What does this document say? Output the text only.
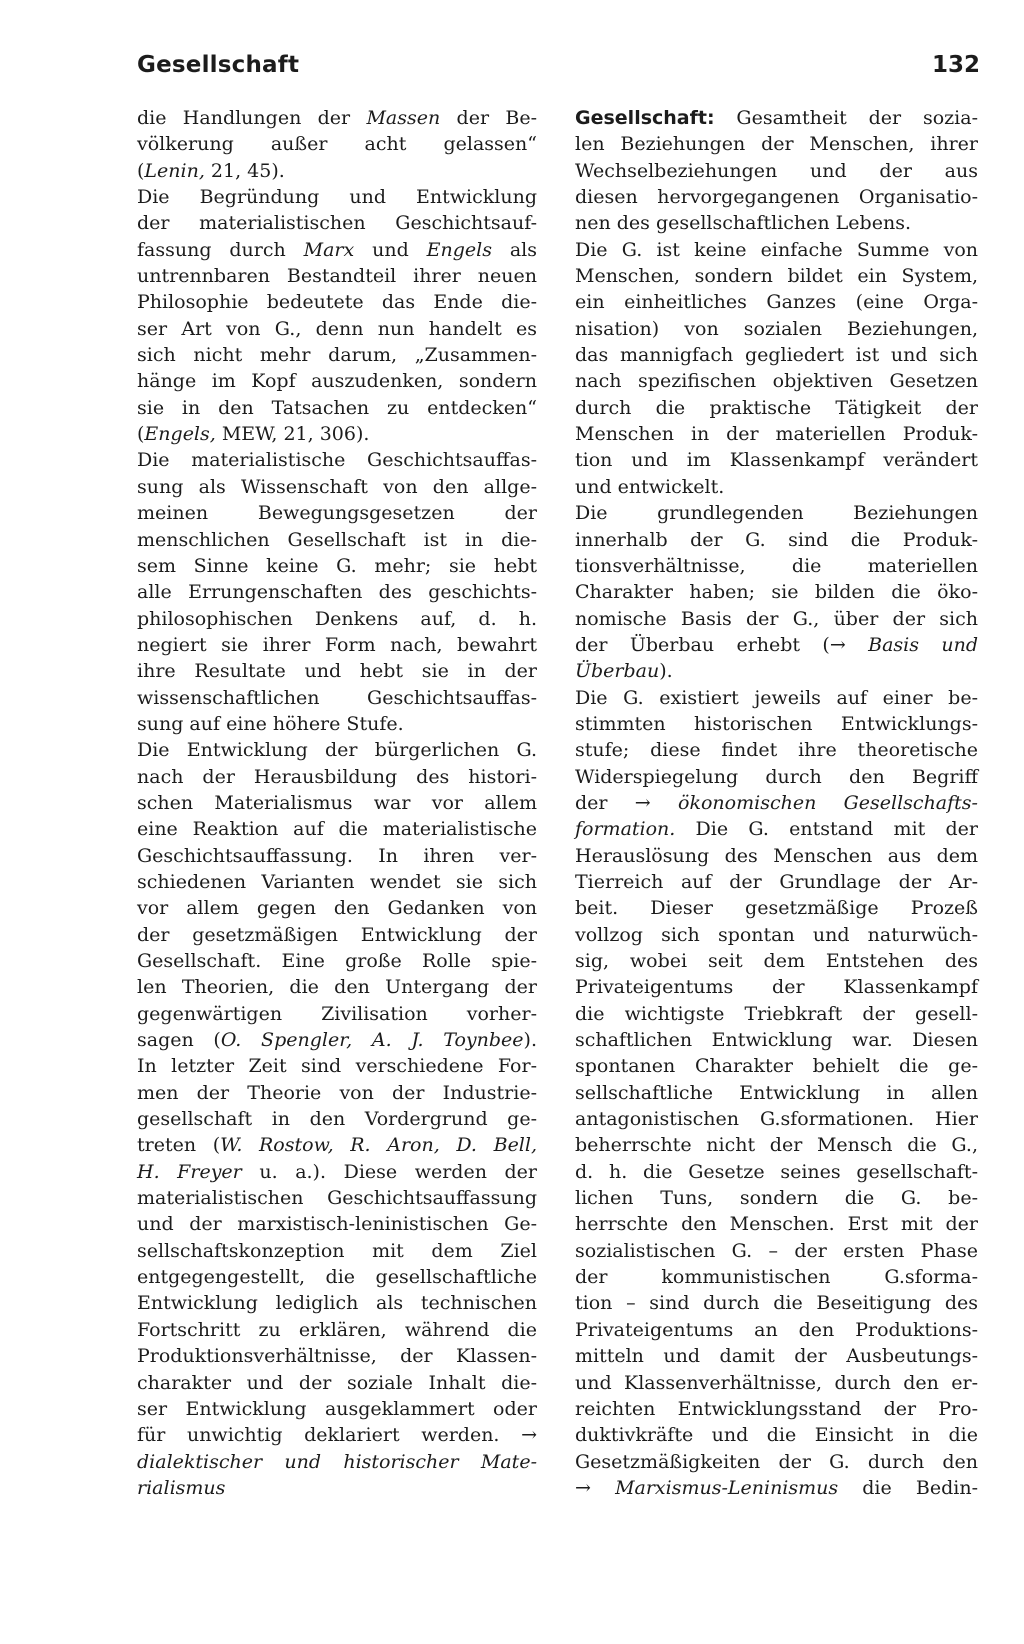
Gesellschaft	132
die Handlungen der Massen der Be-
völkerung außer acht gelassen“
(Lenin, 21, 45).
Die Begründung und Entwicklung
der materialistischen Geschichtsauf-
fassung durch Marx und Engels als
untrennbaren Bestandteil ihrer neuen
Philosophie bedeutete das Ende die-
ser Art von G., denn nun handelt es
sich nicht mehr darum, „Zusammen-
hänge im Kopf auszudenken, sondern
sie in den Tatsachen zu entdecken“
(Engels, MEW, 21, 306).
Die materialistische Geschichtsauffas-
sung als Wissenschaft von den allge-
meinen Bewegungsgesetzen der
menschlichen Gesellschaft ist in die-
sem Sinne keine G. mehr; sie hebt
alle Errungenschaften des geschichts-
philosophischen Denkens auf, d. h.
negiert sie ihrer Form nach, bewahrt
ihre Resultate und hebt sie in der
wissenschaftlichen Geschichtsauffas-
sung auf eine höhere Stufe.
Die Entwicklung der bürgerlichen G.
nach der Herausbildung des histori-
schen Materialismus war vor allem
eine Reaktion auf die materialistische
Geschichtsauffassung. In ihren ver-
schiedenen Varianten wendet sie sich
vor allem gegen den Gedanken von
der gesetzmäßigen Entwicklung der
Gesellschaft. Eine große Rolle spie-
len Theorien, die den Untergang der
gegenwärtigen Zivilisation vorher-
sagen (O. Spengler, A. J. Toynbee).
In letzter Zeit sind verschiedene For-
men der Theorie von der Industrie-
gesellschaft in den Vordergrund ge-
treten (W. Rostow, R. Aron, D. Bell,
H. Freyer u. a.). Diese werden der
materialistischen Geschichtsauffassung
und der marxistisch-leninistischen Ge-
sellschaftskonzeption mit dem Ziel
entgegengestellt, die gesellschaftliche
Entwicklung lediglich als technischen
Fortschritt zu erklären, während die
Produktionsverhältnisse, der Klassen-
charakter und der soziale Inhalt die-
ser Entwicklung ausgeklammert oder
für unwichtig deklariert werden. →
dialektischer und historischer Mate-
rialismus
Gesellschaft: Gesamtheit der sozia-
len Beziehungen der Menschen, ihrer
Wechselbeziehungen und der aus
diesen hervorgegangenen Organisatio-
nen des gesellschaftlichen Lebens.
Die G. ist keine einfache Summe von
Menschen, sondern bildet ein System,
ein einheitliches Ganzes (eine Orga-
nisation) von sozialen Beziehungen,
das mannigfach gegliedert ist und sich
nach spezifischen objektiven Gesetzen
durch die praktische Tätigkeit der
Menschen in der materiellen Produk-
tion und im Klassenkampf verändert
und entwickelt.
Die grundlegenden Beziehungen
innerhalb der G. sind die Produk-
tionsverhältnisse, die materiellen
Charakter haben; sie bilden die öko-
nomische Basis der G., über der sich
der Überbau erhebt (→ Basis und
Überbau).
Die G. existiert jeweils auf einer be-
stimmten historischen Entwicklungs-
stufe; diese findet ihre theoretische
Widerspiegelung durch den Begriff
der → ökonomischen Gesellschafts-
formation. Die G. entstand mit der
Herauslösung des Menschen aus dem
Tierreich auf der Grundlage der Ar-
beit. Dieser gesetzmäßige Prozeß
vollzog sich spontan und naturwüch-
sig, wobei seit dem Entstehen des
Privateigentums der Klassenkampf
die wichtigste Triebkraft der gesell-
schaftlichen Entwicklung war. Diesen
spontanen Charakter behielt die ge-
sellschaftliche Entwicklung in allen
antagonistischen G.sformationen. Hier
beherrschte nicht der Mensch die G.,
d. h. die Gesetze seines gesellschaft-
lichen Tuns, sondern die G. be-
herrschte den Menschen. Erst mit der
sozialistischen G. – der ersten Phase
der kommunistischen G.sforma-
tion – sind durch die Beseitigung des
Privateigentums an den Produktions-
mitteln und damit der Ausbeutungs-
und Klassenverhältnisse, durch den er-
reichten Entwicklungsstand der Pro-
duktivkräfte und die Einsicht in die
Gesetzmäßigkeiten der G. durch den
→ Marxismus-Leninismus die Bedin-
